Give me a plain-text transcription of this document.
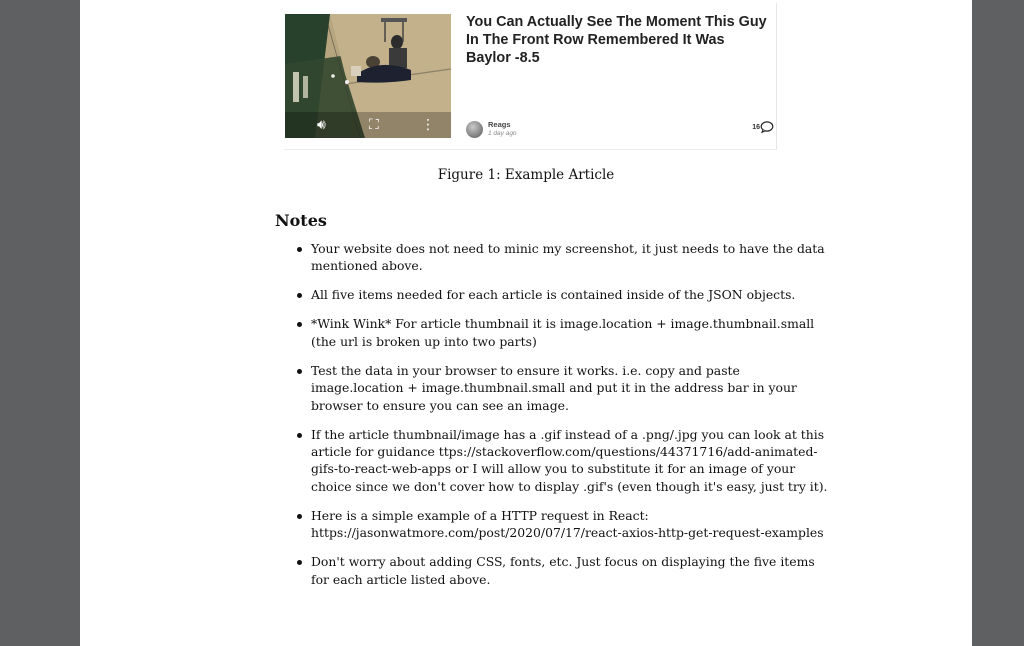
🔊︎	⛶	⋮
You Can Actually See The Moment This Guy In The Front Row Remembered It Was Baylor -8.5
Reags
1 day ago
16

Figure 1: Example Article

Notes
Your website does not need to minic my screenshot, it just needs to have the data mentioned above.
All five items needed for each article is contained inside of the JSON objects.
*Wink Wink* For article thumbnail it is image.location + image.thumbnail.small (the url is broken up into two parts)
Test the data in your browser to ensure it works. i.e. copy and paste image.location + image.thumbnail.small and put it in the address bar in your browser to ensure you can see an image.
If the article thumbnail/image has a .gif instead of a .png/.jpg you can look at this article for guidance ttps://stackoverflow.com/questions/44371716/add-animated-gifs-to-react-web-apps or I will allow you to substitute it for an image of your choice since we don't cover how to display .gif's (even though it's easy, just try it).
Here is a simple example of a HTTP request in React: https://jasonwatmore.com/post/2020/07/17/react-axios-http-get-request-examples
Don't worry about adding CSS, fonts, etc. Just focus on displaying the five items for each article listed above.
